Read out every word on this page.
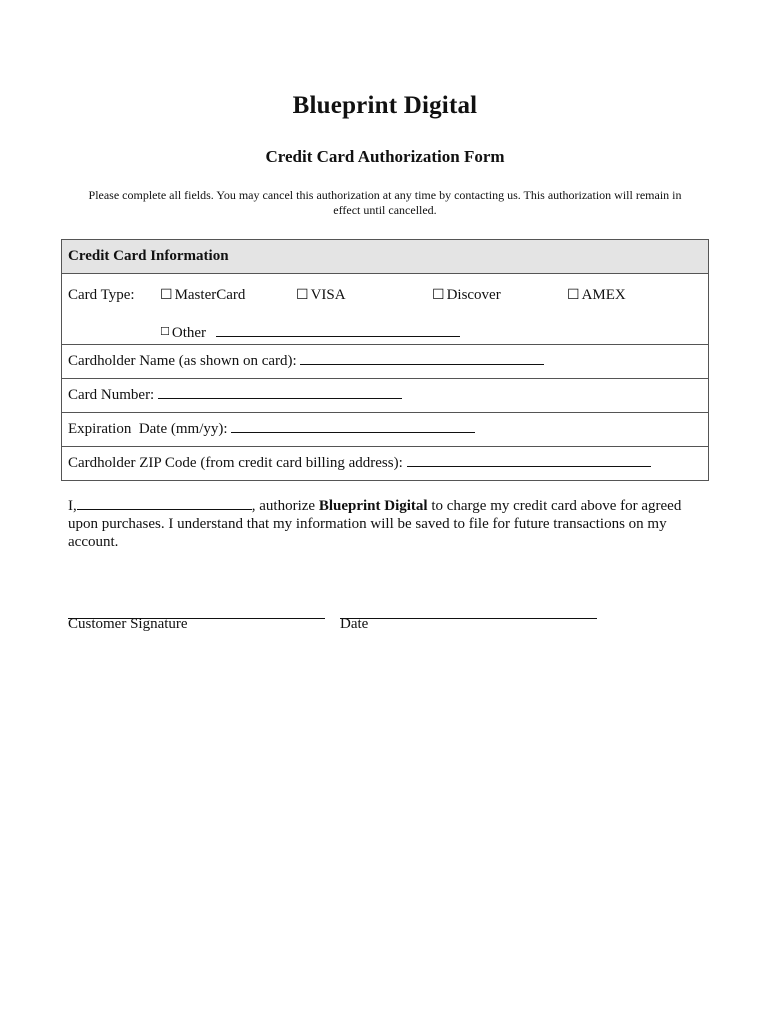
Blueprint Digital
Credit Card Authorization Form
Please complete all fields. You may cancel this authorization at any time by contacting us. This authorization will remain in effect until cancelled.
Credit Card Information
Card Type: ☐ MasterCard	☐ VISA	☐ Discover	☐ AMEX
☐ Other
Cardholder Name (as shown on card):
Card Number:
Expiration  Date (mm/yy):
Cardholder ZIP Code (from credit card billing address):
I,	, authorize Blueprint Digital to charge my credit card above for agreed upon purchases. I understand that my information will be saved to file for future transactions on my account.
Customer Signature	Date
